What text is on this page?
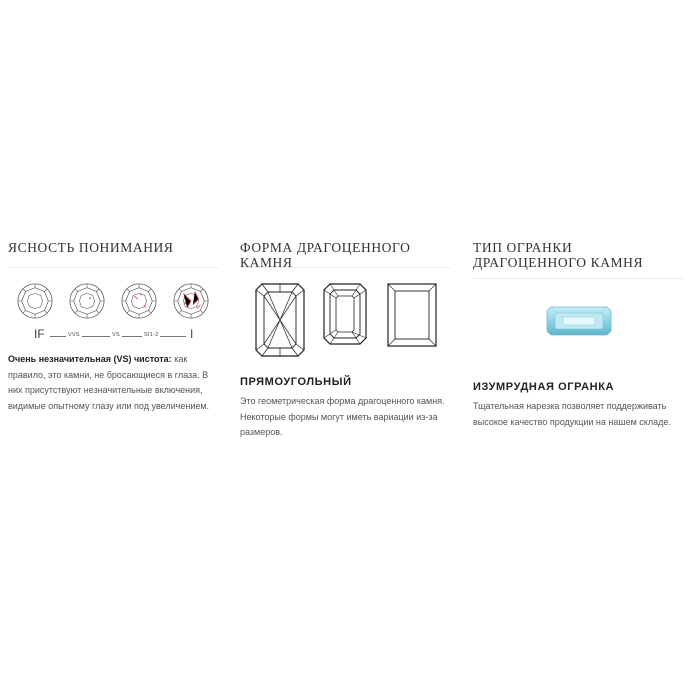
ЯСНОСТЬ ПОНИМАНИЯ
IF	VVS	VS	SI1-2	I
Очень незначительная (VS) чистота: как правило, это камни, не бросающиеся в глаза. В них присутствуют незначительные включения, видимые опытному глазу или под увеличением.
ФОРМА ДРАГОЦЕННОГО КАМНЯ
ПРЯМОУГОЛЬНЫЙ
Это геометрическая форма драгоценного камня. Некоторые формы могут иметь вариации из-за размеров.
ТИП ОГРАНКИ ДРАГОЦЕННОГО КАМНЯ
ИЗУМРУДНАЯ ОГРАНКА
Тщательная нарезка позволяет поддерживать высокое качество продукции на нашем складе.
